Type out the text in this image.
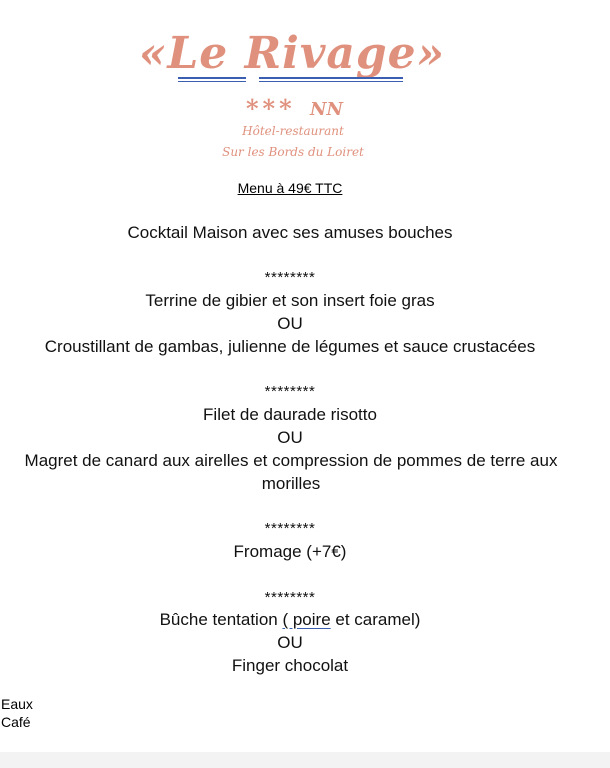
«Le Rivage»
*** NN
Hôtel-restaurant
Sur les Bords du Loiret
Menu à 49€ TTC
Cocktail Maison avec ses amuses bouches
********
Terrine de gibier et son insert foie gras
OU
Croustillant de gambas, julienne de légumes et sauce crustacées
********
Filet de daurade risotto
OU
Magret de canard aux airelles et compression de pommes de terre aux morilles
********
Fromage (+7€)
********
Bûche tentation ( poire et caramel)
OU
Finger chocolat
Eaux
Café
